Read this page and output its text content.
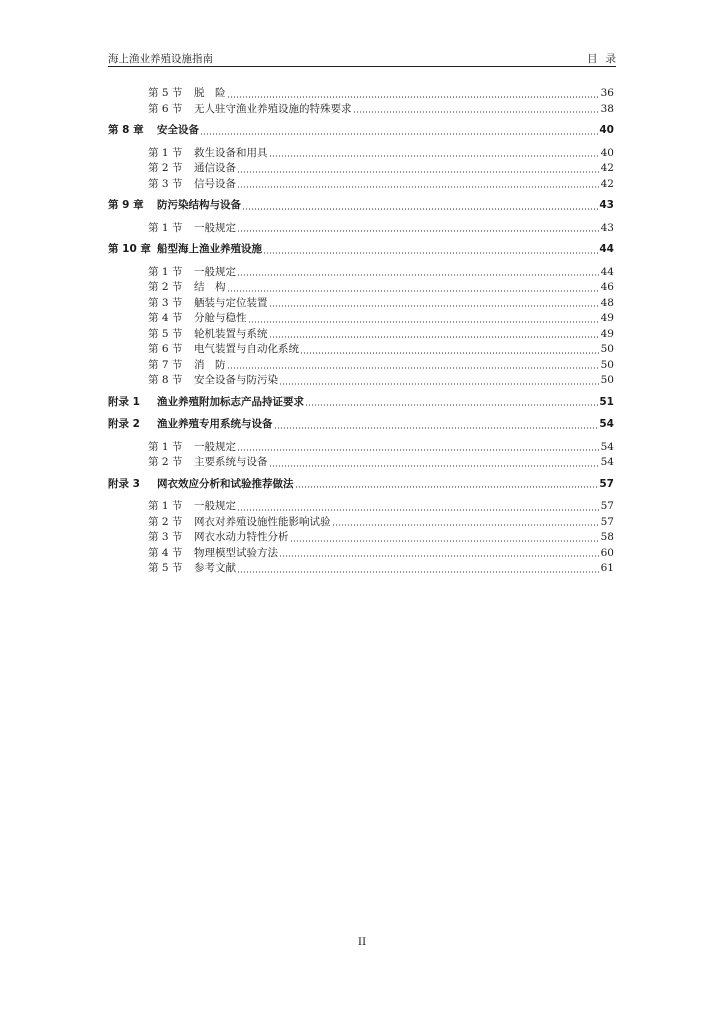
海上渔业养殖设施指南	目录
第 5 节	脱　险	36
第 6 节	无人驻守渔业养殖设施的特殊要求	38
第 8 章	安全设备	40
第 1 节	救生设备和用具	40
第 2 节	通信设备	42
第 3 节	信号设备	42
第 9 章	防污染结构与设备	43
第 1 节	一般规定	43
第 10 章 船型海上渔业养殖设施	44
第 1 节	一般规定	44
第 2 节	结　构	46
第 3 节	舾装与定位装置	48
第 4 节	分舱与稳性	49
第 5 节	轮机装置与系统	49
第 6 节	电气装置与自动化系统	50
第 7 节	消　防	50
第 8 节	安全设备与防污染	50
附录 1	渔业养殖附加标志产品持证要求	51
附录 2	渔业养殖专用系统与设备	54
第 1 节	一般规定	54
第 2 节	主要系统与设备	54
附录 3	网衣效应分析和试验推荐做法	57
第 1 节	一般规定	57
第 2 节	网衣对养殖设施性能影响试验	57
第 3 节	网衣水动力特性分析	58
第 4 节	物理模型试验方法	60
第 5 节	参考文献	61
II
